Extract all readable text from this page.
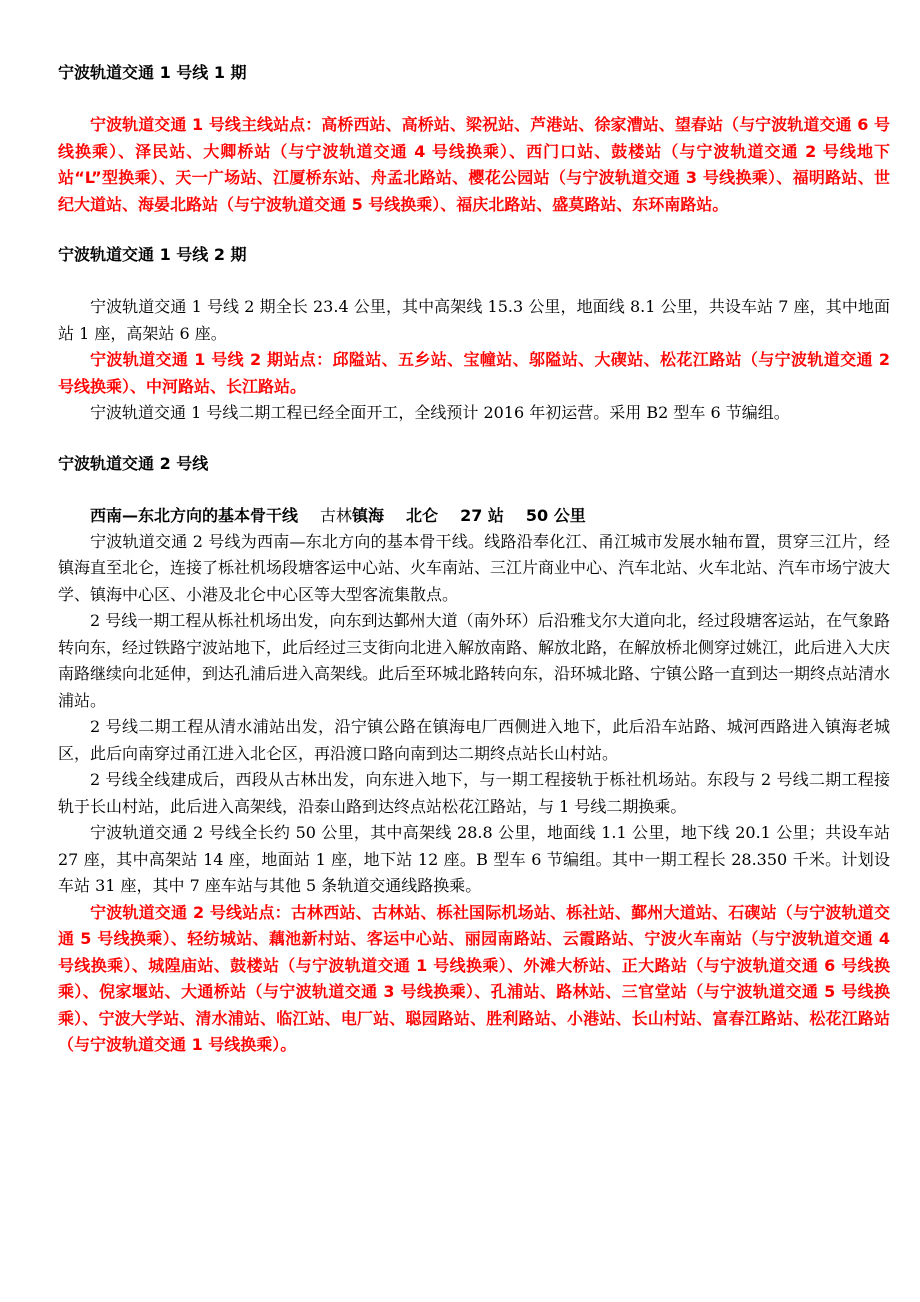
宁波轨道交通 1 号线 1 期

宁波轨道交通 1 号线主线站点：高桥西站、高桥站、梁祝站、芦港站、徐家漕站、望春站（与宁波轨道交通 6 号线换乘）、泽民站、大卿桥站（与宁波轨道交通 4 号线换乘）、西门口站、鼓楼站（与宁波轨道交通 2 号线地下站“L”型换乘）、天一广场站、江厦桥东站、舟孟北路站、樱花公园站（与宁波轨道交通 3 号线换乘）、福明路站、世纪大道站、海晏北路站（与宁波轨道交通 5 号线换乘）、福庆北路站、盛莫路站、东环南路站。

宁波轨道交通 1 号线 2 期

宁波轨道交通 1 号线 2 期全长 23.4 公里，其中高架线 15.3 公里，地面线 8.1 公里，共设车站 7 座，其中地面站 1 座，高架站 6 座。

宁波轨道交通 1 号线 2 期站点：邱隘站、五乡站、宝幢站、邬隘站、大碶站、松花江路站（与宁波轨道交通 2 号线换乘）、中河路站、长江路站。

宁波轨道交通 1 号线二期工程已经全面开工，全线预计 2016 年初运营。采用 B2 型车 6 节编组。

宁波轨道交通 2 号线

西南—东北方向的基本骨干线 古林镇海 北仑 27 站 50 公里

宁波轨道交通 2 号线为西南—东北方向的基本骨干线。线路沿奉化江、甬江城市发展水轴布置，贯穿三江片，经镇海直至北仑，连接了栎社机场段塘客运中心站、火车南站、三江片商业中心、汽车北站、火车北站、汽车市场宁波大学、镇海中心区、小港及北仑中心区等大型客流集散点。

2 号线一期工程从栎社机场出发，向东到达鄞州大道（南外环）后沿雅戈尔大道向北，经过段塘客运站，在气象路转向东，经过铁路宁波站地下，此后经过三支街向北进入解放南路、解放北路，在解放桥北侧穿过姚江，此后进入大庆南路继续向北延伸，到达孔浦后进入高架线。此后至环城北路转向东，沿环城北路、宁镇公路一直到达一期终点站清水浦站。

2 号线二期工程从清水浦站出发，沿宁镇公路在镇海电厂西侧进入地下，此后沿车站路、城河西路进入镇海老城区，此后向南穿过甬江进入北仑区，再沿渡口路向南到达二期终点站长山村站。

2 号线全线建成后，西段从古林出发，向东进入地下，与一期工程接轨于栎社机场站。东段与 2 号线二期工程接轨于长山村站，此后进入高架线，沿泰山路到达终点站松花江路站，与 1 号线二期换乘。

宁波轨道交通 2 号线全长约 50 公里，其中高架线 28.8 公里，地面线 1.1 公里，地下线 20.1 公里；共设车站 27 座，其中高架站 14 座，地面站 1 座，地下站 12 座。B 型车 6 节编组。其中一期工程长 28.350 千米。计划设车站 31 座，其中 7 座车站与其他 5 条轨道交通线路换乘。

宁波轨道交通 2 号线站点：古林西站、古林站、栎社国际机场站、栎社站、鄞州大道站、石碶站（与宁波轨道交通 5 号线换乘）、轻纺城站、藕池新村站、客运中心站、丽园南路站、云霞路站、宁波火车南站（与宁波轨道交通 4 号线换乘）、城隍庙站、鼓楼站（与宁波轨道交通 1 号线换乘）、外滩大桥站、正大路站（与宁波轨道交通 6 号线换乘）、倪家堰站、大通桥站（与宁波轨道交通 3 号线换乘）、孔浦站、路林站、三官堂站（与宁波轨道交通 5 号线换乘）、宁波大学站、清水浦站、临江站、电厂站、聪园路站、胜利路站、小港站、长山村站、富春江路站、松花江路站（与宁波轨道交通 1 号线换乘）。
